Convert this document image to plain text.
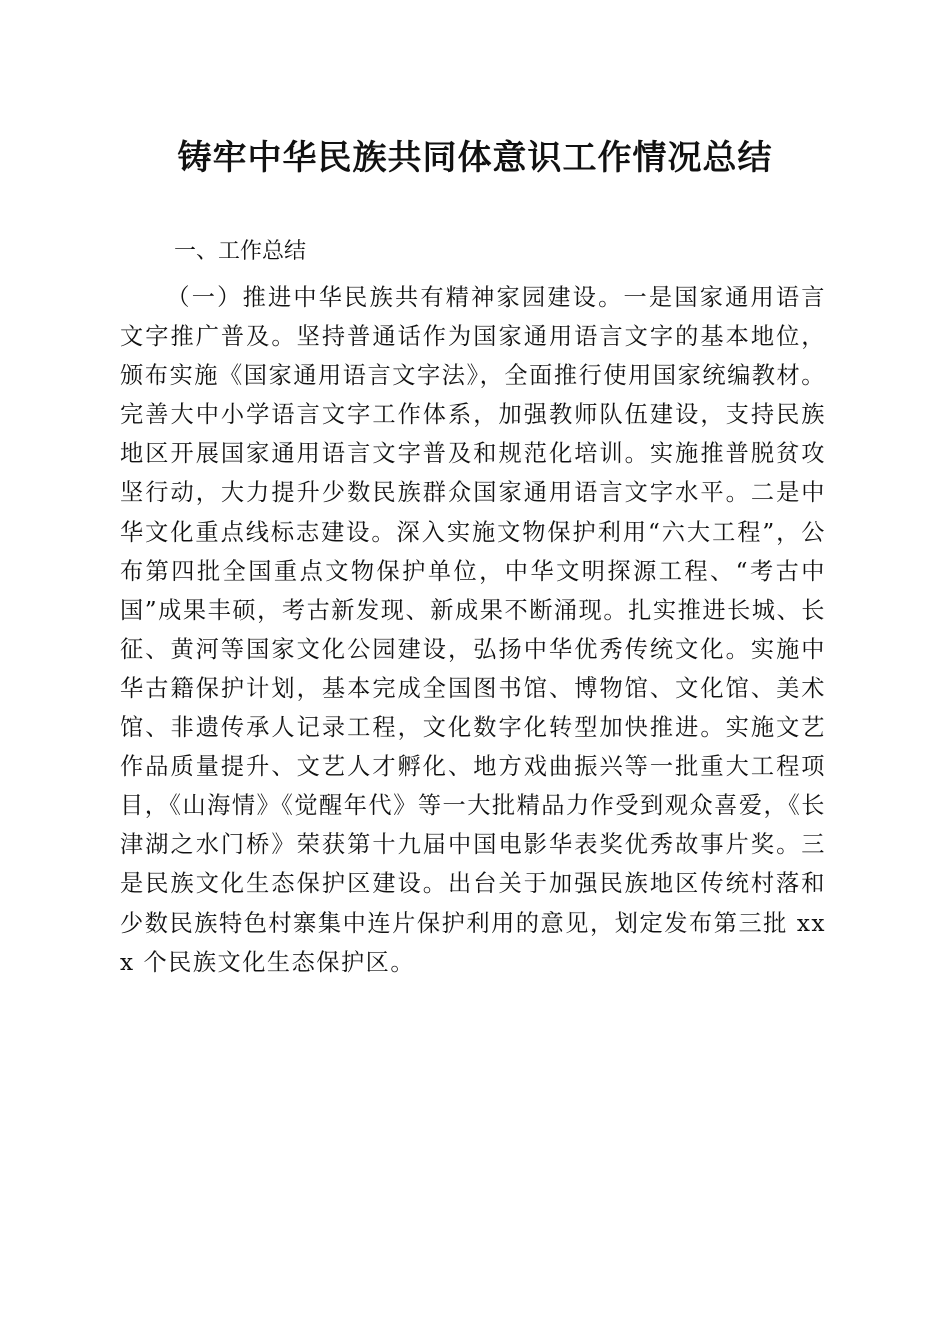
铸牢中华民族共同体意识工作情况总结
一、工作总结

（一）推进中华民族共有精神家园建设。一是国家通用语言文字推广普及。坚持普通话作为国家通用语言文字的基本地位，颁布实施《国家通用语言文字法》，全面推行使用国家统编教材。完善大中小学语言文字工作体系，加强教师队伍建设，支持民族地区开展国家通用语言文字普及和规范化培训。实施推普脱贫攻坚行动，大力提升少数民族群众国家通用语言文字水平。二是中华文化重点线标志建设。深入实施文物保护利用“六大工程”，公布第四批全国重点文物保护单位，中华文明探源工程、“考古中国”成果丰硕，考古新发现、新成果不断涌现。扎实推进长城、长征、黄河等国家文化公园建设，弘扬中华优秀传统文化。实施中华古籍保护计划，基本完成全国图书馆、博物馆、文化馆、美术馆、非遗传承人记录工程，文化数字化转型加快推进。实施文艺作品质量提升、文艺人才孵化、地方戏曲振兴等一批重大工程项目，《山海情》《觉醒年代》等一大批精品力作受到观众喜爱，《长津湖之水门桥》荣获第十九届中国电影华表奖优秀故事片奖。三是民族文化生态保护区建设。出台关于加强民族地区传统村落和少数民族特色村寨集中连片保护利用的意见，划定发布第三批 xxx 个民族文化生态保护区。
